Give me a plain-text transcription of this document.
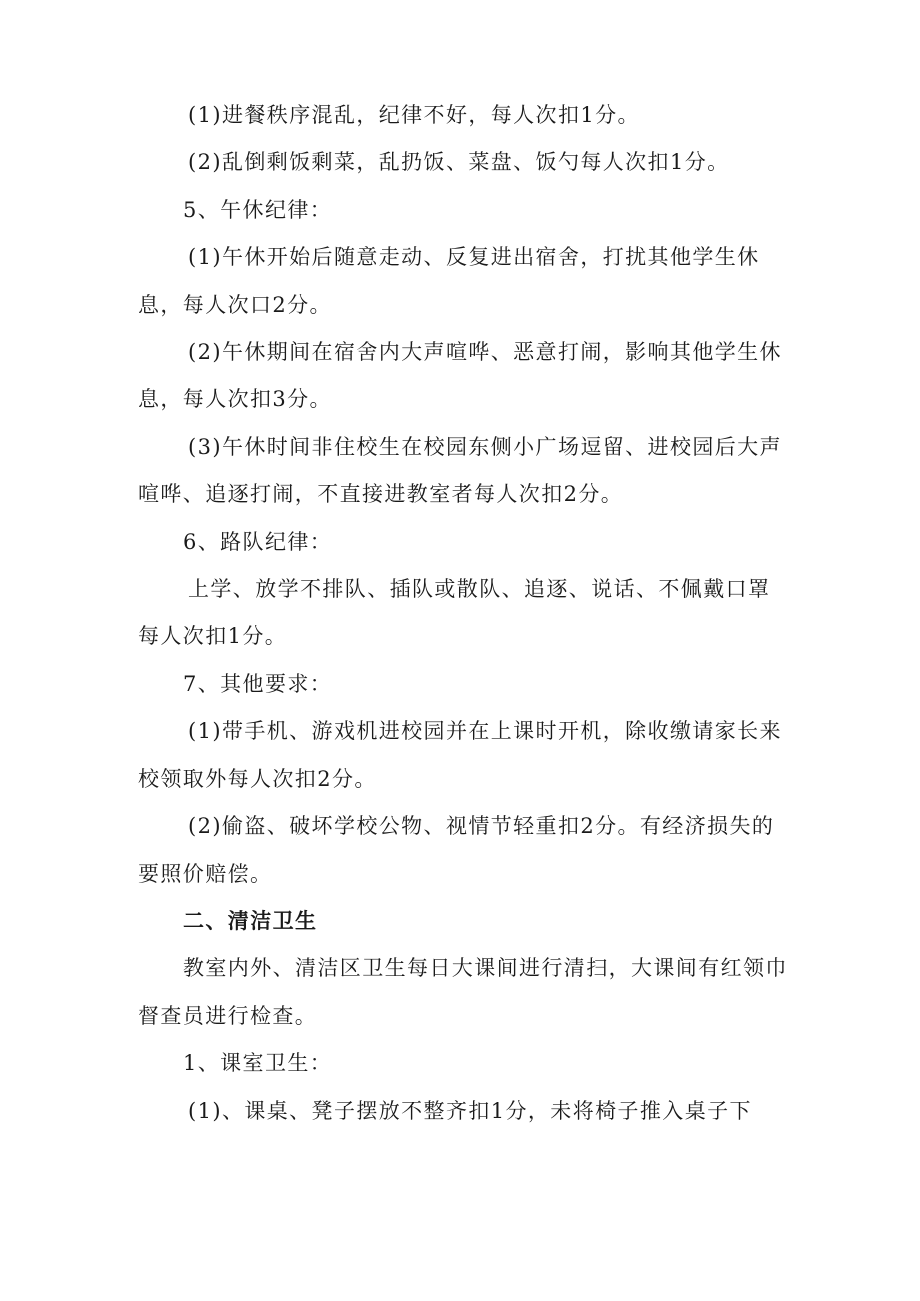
(1)进餐秩序混乱，纪律不好，每人次扣1分。

(2)乱倒剩饭剩菜，乱扔饭、菜盘、饭勺每人次扣1分。

5、午休纪律：

(1)午休开始后随意走动、反复进出宿舍，打扰其他学生休息，每人次口2分。

(2)午休期间在宿舍内大声喧哗、恶意打闹，影响其他学生休息，每人次扣3分。

(3)午休时间非住校生在校园东侧小广场逗留、进校园后大声喧哗、追逐打闹，不直接进教室者每人次扣2分。

6、路队纪律：

上学、放学不排队、插队或散队、追逐、说话、不佩戴口罩每人次扣1分。

7、其他要求：

(1)带手机、游戏机进校园并在上课时开机，除收缴请家长来校领取外每人次扣2分。

(2)偷盗、破坏学校公物、视情节轻重扣2分。有经济损失的要照价赔偿。

二、清洁卫生

教室内外、清洁区卫生每日大课间进行清扫，大课间有红领巾督查员进行检查。

1、课室卫生：

(1)、课桌、凳子摆放不整齐扣1分，未将椅子推入桌子下
